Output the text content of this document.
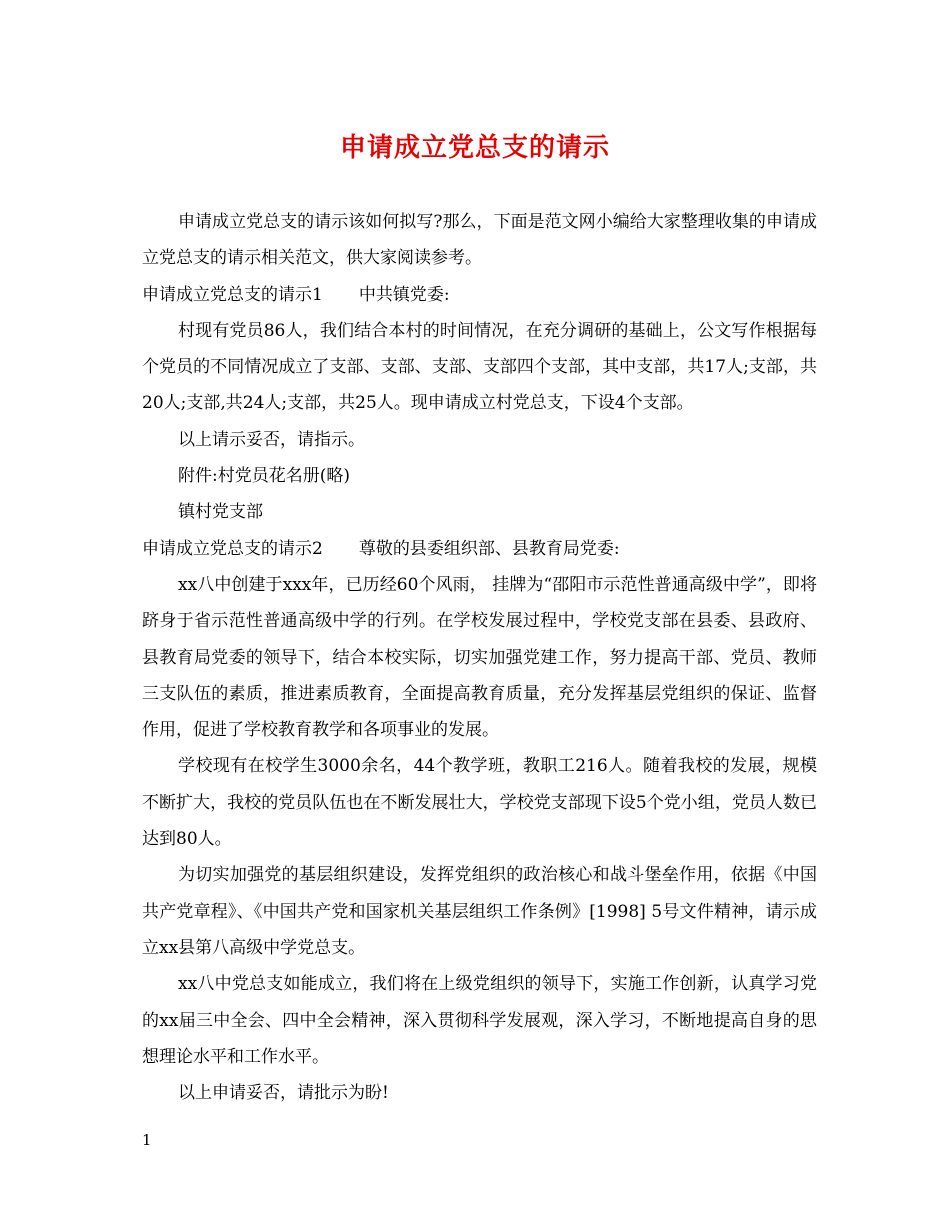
申请成立党总支的请示

申请成立党总支的请示该如何拟写?那么，下面是范文网小编给大家整理收集的申请成立党总支的请示相关范文，供大家阅读参考。

申请成立党总支的请示1 中共镇党委:

村现有党员86人，我们结合本村的时间情况，在充分调研的基础上，公文写作根据每个党员的不同情况成立了支部、支部、支部、支部四个支部，其中支部，共17人;支部，共20人;支部,共24人;支部，共25人。现申请成立村党总支，下设4个支部。

以上请示妥否，请指示。

附件:村党员花名册(略)

镇村党支部

申请成立党总支的请示2 尊敬的县委组织部、县教育局党委:

xx八中创建于xxx年，已历经60个风雨， 挂牌为“邵阳市示范性普通高级中学”，即将跻身于省示范性普通高级中学的行列。在学校发展过程中，学校党支部在县委、县政府、县教育局党委的领导下，结合本校实际，切实加强党建工作，努力提高干部、党员、教师三支队伍的素质，推进素质教育，全面提高教育质量，充分发挥基层党组织的保证、监督作用，促进了学校教育教学和各项事业的发展。

学校现有在校学生3000余名，44个教学班，教职工216人。随着我校的发展，规模不断扩大，我校的党员队伍也在不断发展壮大，学校党支部现下设5个党小组，党员人数已达到80人。

为切实加强党的基层组织建设，发挥党组织的政治核心和战斗堡垒作用，依据《中国共产党章程》、《中国共产党和国家机关基层组织工作条例》[1998] 5号文件精神，请示成立xx县第八高级中学党总支。

xx八中党总支如能成立，我们将在上级党组织的领导下，实施工作创新，认真学习党的xx届三中全会、四中全会精神，深入贯彻科学发展观，深入学习，不断地提高自身的思想理论水平和工作水平。

以上申请妥否，请批示为盼!

1
